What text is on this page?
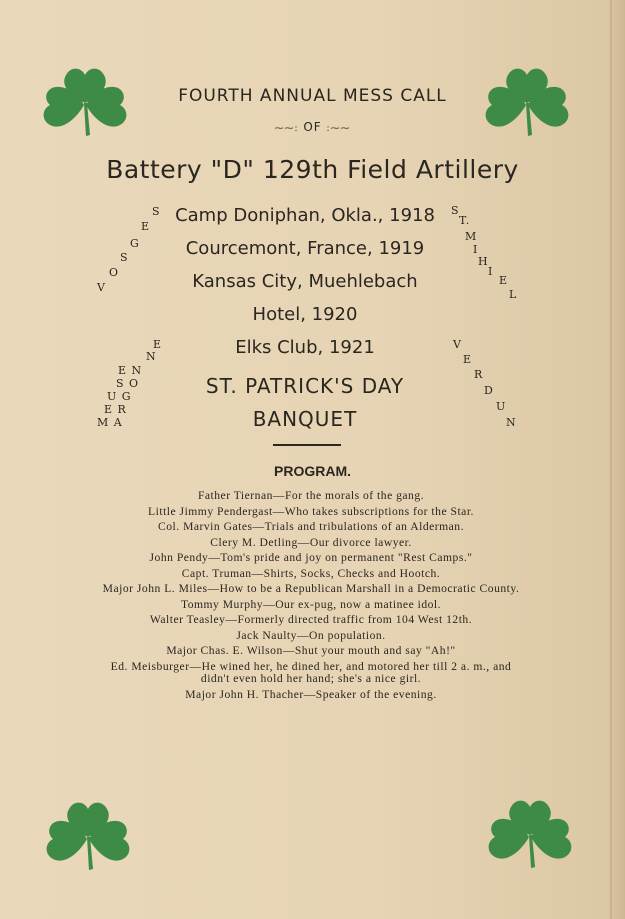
FOURTH ANNUAL MESS CALL
⁓⁓: OF :⁓⁓
Battery "D" 129th Field Artillery
Camp Doniphan, Okla., 1918
Courcemont, France, 1919
Kansas City, Muehlebach
Hotel, 1920
Elks Club, 1921
ST. PATRICK'S DAY
BANQUET
V
O
S
G
E
S	S
T.
M
I
H
I
E
L
E
N
E N
S O
U G
E R
M A
V
E
R
D
U
N
PROGRAM.
Father Tiernan—For the morals of the gang.
Little Jimmy Pendergast—Who takes subscriptions for the Star.
Col. Marvin Gates—Trials and tribulations of an Alderman.
Clery M. Detling—Our divorce lawyer.
John Pendy—Tom's pride and joy on permanent "Rest Camps."
Capt. Truman—Shirts, Socks, Checks and Hootch.
Major John L. Miles—How to be a Republican Marshall in a Democratic County.
Tommy Murphy—Our ex-pug, now a matinee idol.
Walter Teasley—Formerly directed traffic from 104 West 12th.
Jack Naulty—On population.
Major Chas. E. Wilson—Shut your mouth and say "Ah!"
Ed. Meisburger—He wined her, he dined her, and motored her till 2 a. m., and didn't even hold her hand; she's a nice girl.
Major John H. Thacher—Speaker of the evening.
